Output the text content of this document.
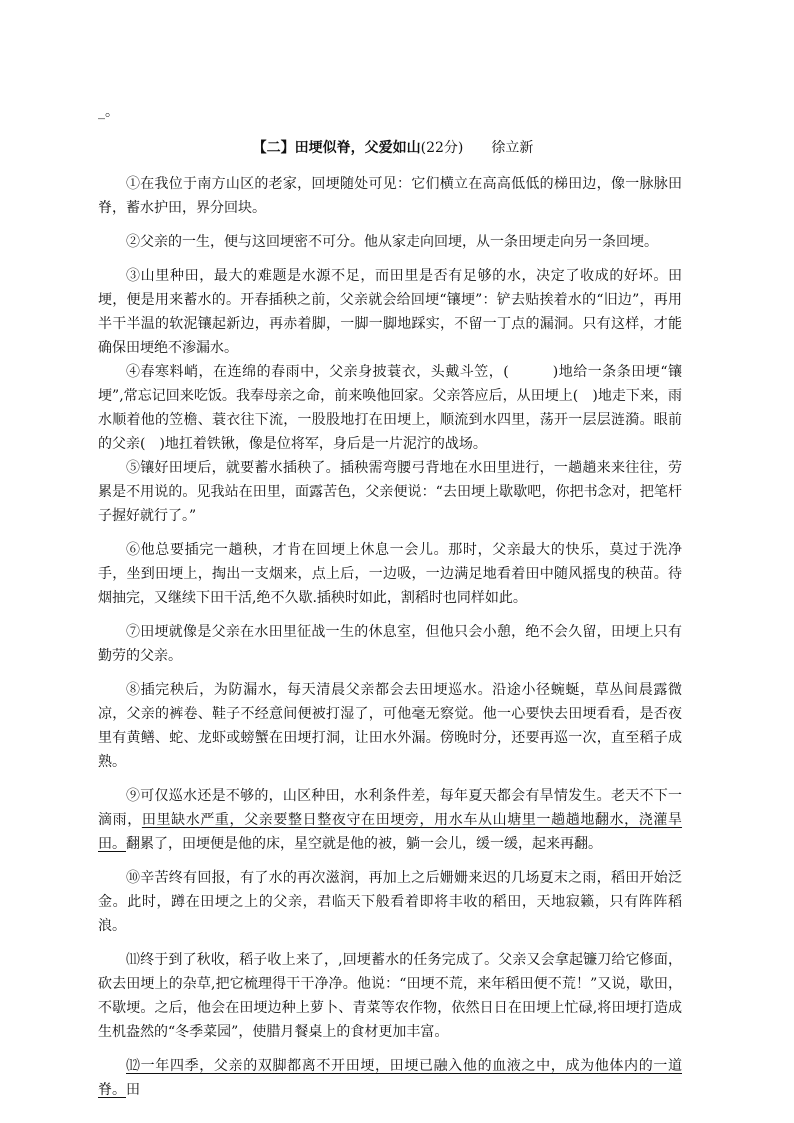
_。
【二】田埂似脊，父爱如山(22分) 徐立新

①在我位于南方山区的老家，回埂随处可见：它们横立在高高低低的梯田边，像一脉脉田脊，蓄水护田，界分回块。

②父亲的一生，便与这回埂密不可分。他从家走向回埂，从一条田埂走向另一条回埂。

③山里种田，最大的难题是水源不足，而田里是否有足够的水，决定了收成的好坏。田埂，便是用来蓄水的。开春插秧之前，父亲就会给回埂“镶埂”：铲去贴挨着水的“旧边”，再用半干半温的软泥镶起新边，再赤着脚，一脚一脚地踩实，不留一丁点的漏洞。只有这样，才能确保田埂绝不渗漏水。

④春寒料峭，在连绵的春雨中，父亲身披蓑衣，头戴斗笠，(　　　)地给一条条田埂“镶埂”,常忘记回来吃饭。我奉母亲之命，前来唤他回家。父亲答应后，从田埂上(　)地走下来，雨水顺着他的笠檐、蓑衣往下流，一股股地打在田埂上，顺流到水四里，荡开一层层涟漪。眼前的父亲(　)地扛着铁锹，像是位将军，身后是一片泥泞的战场。

⑤镶好田埂后，就要蓄水插秧了。插秧需弯腰弓背地在水田里进行，一趟趟来来往往，劳累是不用说的。见我站在田里，面露苦色，父亲便说：“去田埂上歇歇吧，你把书念对，把笔杆子握好就行了。”

⑥他总要插完一趟秧，才肯在回埂上休息一会儿。那时，父亲最大的快乐，莫过于洗净手，坐到田埂上，掏出一支烟来，点上后，一边吸，一边满足地看着田中随风摇曳的秧苗。待烟抽完，又继续下田干活,绝不久歇.插秧时如此，割稻时也同样如此。

⑦田埂就像是父亲在水田里征战一生的休息室，但他只会小憩，绝不会久留，田埂上只有勤劳的父亲。

⑧插完秧后，为防漏水，每天清晨父亲都会去田埂巡水。沿途小径蜿蜒，草丛间晨露微凉，父亲的裤卷、鞋子不经意间便被打湿了，可他毫无察觉。他一心要快去田埂看看，是否夜里有黄鳝、蛇、龙虾或螃蟹在田埂打洞，让田水外漏。傍晚时分，还要再巡一次，直至稻子成熟。

⑨可仅巡水还是不够的，山区种田，水利条件差，每年夏天都会有旱情发生。老天不下一滴雨，田里缺水严重，父亲要整日整夜守在田埂旁，用水车从山塘里一趟趟地翻水，浇灌旱田。翻累了，田埂便是他的床，星空就是他的被，躺一会儿，缓一缓，起来再翻。

⑩辛苦终有回报，有了水的再次滋润，再加上之后姗姗来迟的几场夏末之雨，稻田开始泛金。此时，蹲在田埂之上的父亲，君临天下般看着即将丰收的稻田，天地寂籁，只有阵阵稻浪。

⑾终于到了秋收，稻子收上来了，,回埂蓄水的任务完成了。父亲又会拿起镰刀给它修面，砍去田埂上的杂草,把它梳理得干干净净。他说：“田埂不荒，来年稻田便不荒！”又说，歇田，不歇埂。之后，他会在田埂边种上萝卜、青菜等农作物，依然日日在田埂上忙碌,将田埂打造成生机盎然的“冬季菜园”，使腊月餐桌上的食材更加丰富。

⑿一年四季，父亲的双脚都离不开田埂，田埂已融入他的血液之中，成为他体内的一道脊。田
